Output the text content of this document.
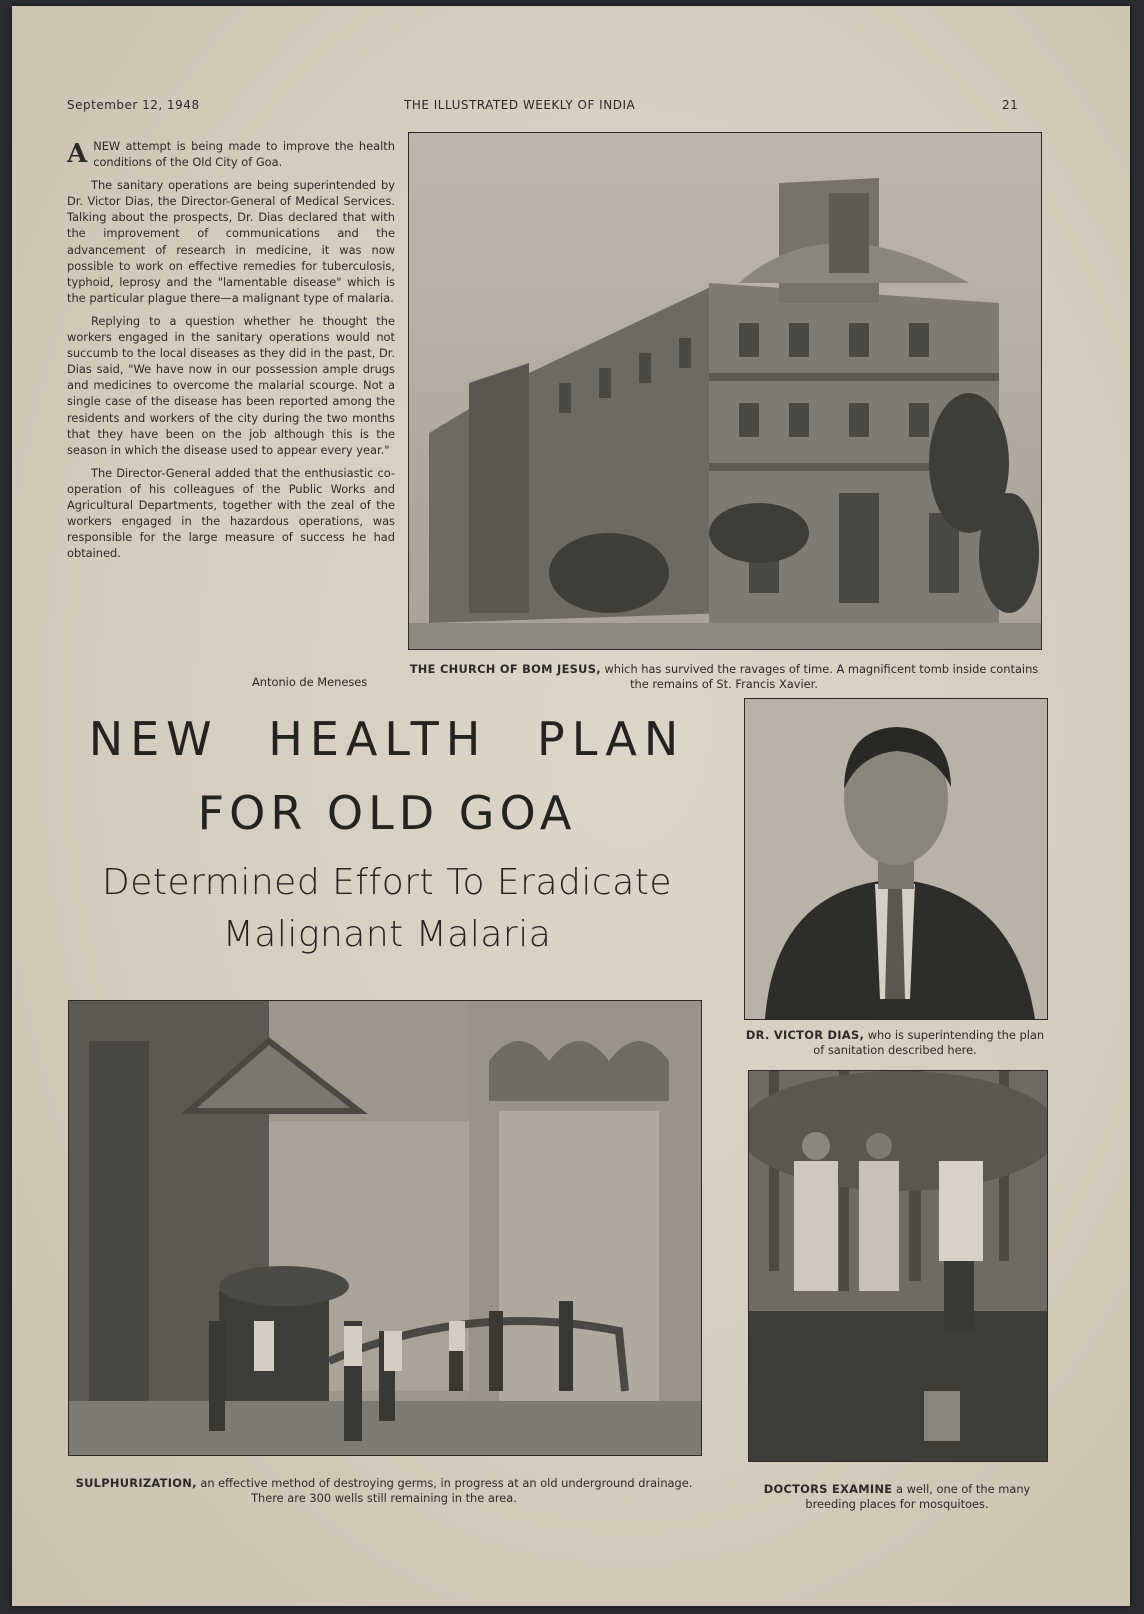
September 12, 1948	THE ILLUSTRATED WEEKLY OF INDIA	21

ANEW attempt is being made to improve the health conditions of the Old City of Goa.

The sanitary operations are being superintended by Dr. Victor Dias, the Director-General of Medical Services. Talking about the prospects, Dr. Dias declared that with the improvement of communications and the advancement of research in medicine, it was now possible to work on effective remedies for tuberculosis, typhoid, leprosy and the "lamentable disease" which is the particular plague there—a malignant type of malaria.

Replying to a question whether he thought the workers engaged in the sanitary operations would not succumb to the local diseases as they did in the past, Dr. Dias said, "We have now in our possession ample drugs and medicines to overcome the malarial scourge. Not a single case of the disease has been reported among the residents and workers of the city during the two months that they have been on the job although this is the season in which the disease used to appear every year."

The Director-General added that the enthusiastic co-operation of his colleagues of the Public Works and Agricultural Departments, together with the zeal of the workers engaged in the hazardous operations, was responsible for the large measure of success he had obtained.

Antonio de Meneses
THE CHURCH OF BOM JESUS, which has survived the ravages of time. A magnificent tomb inside contains the remains of St. Francis Xavier.
NEW HEALTH PLAN
FOR OLD GOA
Determined Effort To Eradicate
Malignant Malaria
DR. VICTOR DIAS, who is superintending the plan of sanitation described here.
SULPHURIZATION, an effective method of destroying germs, in progress at an old underground drainage. There are 300 wells still remaining in the area.
DOCTORS EXAMINE a well, one of the many breeding places for mosquitoes.
